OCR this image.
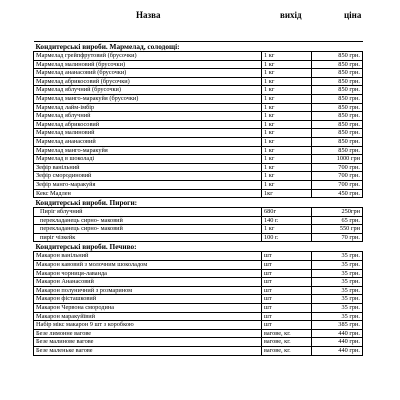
Назва	вихід	ціна
Кондитерські вироби. Мармелад, солодощі:		
Мармелад грейпфрутовий (брусочки)	1 кг	850 грн.
Мармелад малиновий (брусочки)	1 кг	850 грн.
Мармелад ананасовий (брусочки)	1 кг	850 грн.
Мармелад абрикосовий (брусочки)	1 кг	850 грн.
Мармелад яблучний (брусочки)	1 кг	850 грн.
Мармелад манго-маракуйя (брусочки)	1 кг	850 грн.
Мармелад лайм-імбір	1 кг	850 грн.
Мармелад яблучний	1 кг	850 грн.
Мармелад абрикосовий	1 кг	850 грн.
Мармелад малиновий	1 кг	850 грн.
Мармелад ананасовий	1 кг	850 грн.
Мармелад манго-маракуйя	1 кг	850 грн.
Мармелад в шоколаді	1 кг	1000 грн
Зефір ванільний	1 кг	700 грн.
Зефір смородиновий	1 кг	700 грн.
Зефір манго-маракуйя	1 кг	700 грн.
Кекс Мадлен	1кг	450 грн.
Кондитерські вироби. Пироги:		
Пиріг яблучний	680г	250грн
перекладанець сирно- маковий	140 г.	65 грн.
перекладанець сирно- маковий	1 кг	550 грн
пиріг чізкейк	100 г.	70 грн.
Кондитерські вироби. Печиво:		
Макарон ванільний	шт	35 грн.
Макарон кавовий з молочним шоколадом	шт	35 грн.
Макарон чорниця-лаванда	шт	35 грн.
Макарон Ананасовий	шт	35 грн.
Макарон полуничний з розмарином	шт	35 грн.
Макарон фісташковий	шт	35 грн.
Макарон Червона смородина	шт	35 грн.
Макарон маракуйївий	шт	35 грн.
Набір мікс макарон 9 шт з коробкою	шт	385 грн.
Безе лимонне вагове	вагове, кг.	440 грн.
Безе малинове вагове	вагове, кг.	440 грн.
Безе маленьке вагове	вагове, кг.	440 грн.
